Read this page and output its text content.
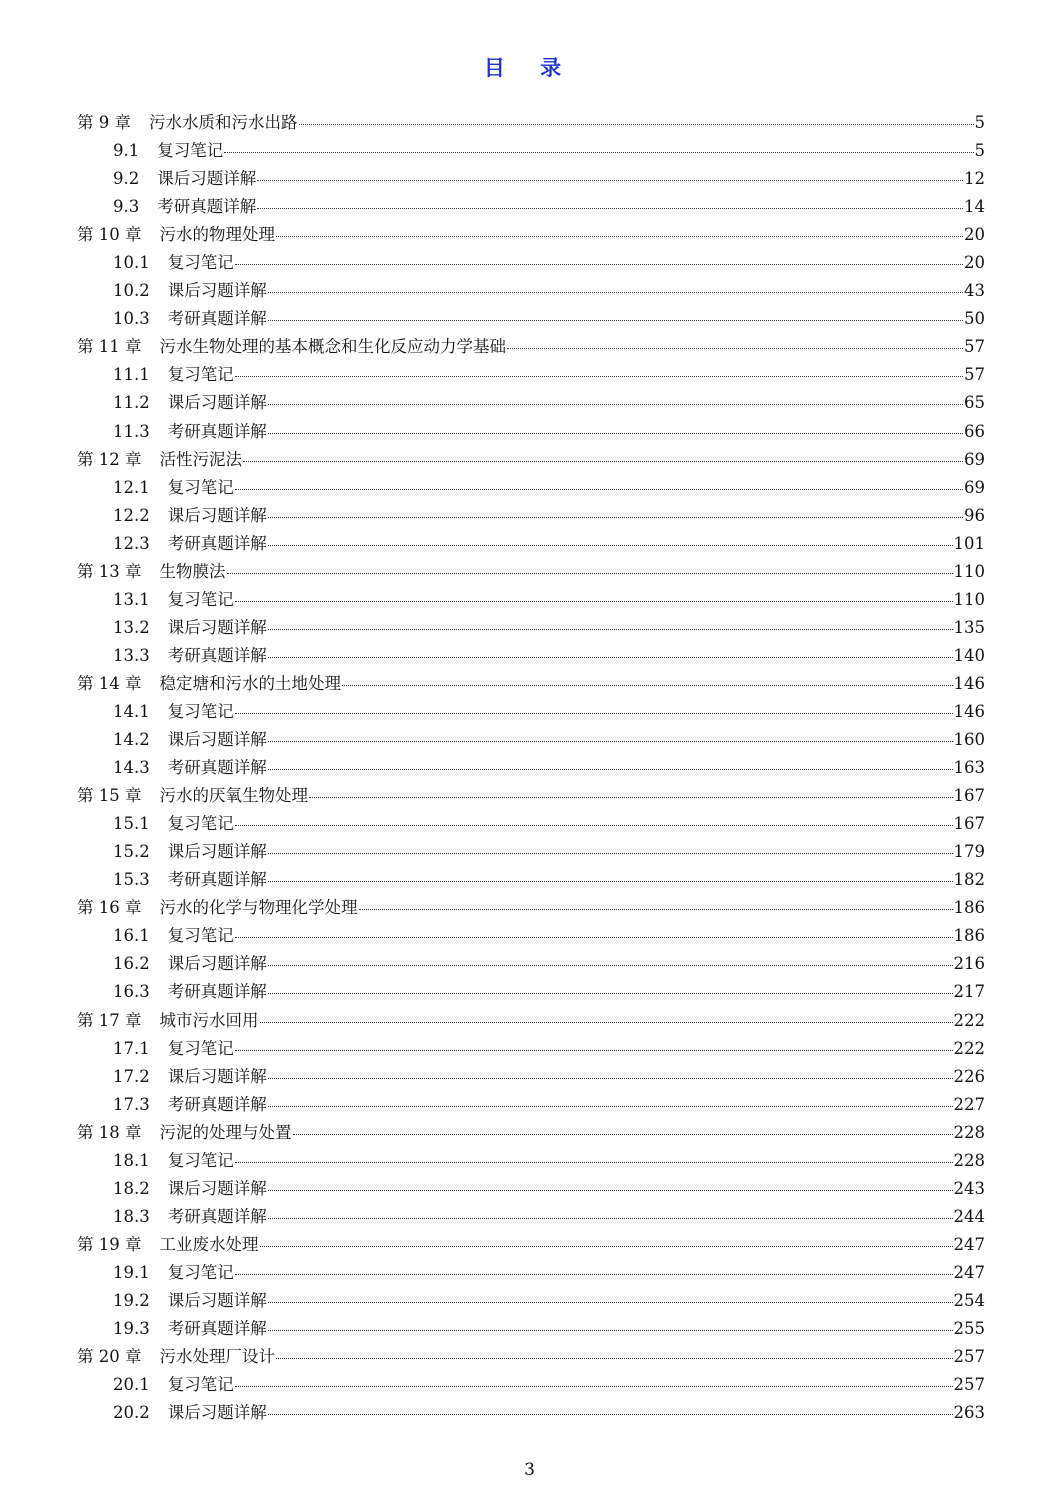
目 录
第 9 章 污水水质和污水出路	5
9.1 复习笔记	5
9.2 课后习题详解	12
9.3 考研真题详解	14
第 10 章 污水的物理处理	20
10.1 复习笔记	20
10.2 课后习题详解	43
10.3 考研真题详解	50
第 11 章 污水生物处理的基本概念和生化反应动力学基础	57
11.1 复习笔记	57
11.2 课后习题详解	65
11.3 考研真题详解	66
第 12 章 活性污泥法	69
12.1 复习笔记	69
12.2 课后习题详解	96
12.3 考研真题详解	101
第 13 章 生物膜法	110
13.1 复习笔记	110
13.2 课后习题详解	135
13.3 考研真题详解	140
第 14 章 稳定塘和污水的土地处理	146
14.1 复习笔记	146
14.2 课后习题详解	160
14.3 考研真题详解	163
第 15 章 污水的厌氧生物处理	167
15.1 复习笔记	167
15.2 课后习题详解	179
15.3 考研真题详解	182
第 16 章 污水的化学与物理化学处理	186
16.1 复习笔记	186
16.2 课后习题详解	216
16.3 考研真题详解	217
第 17 章 城市污水回用	222
17.1 复习笔记	222
17.2 课后习题详解	226
17.3 考研真题详解	227
第 18 章 污泥的处理与处置	228
18.1 复习笔记	228
18.2 课后习题详解	243
18.3 考研真题详解	244
第 19 章 工业废水处理	247
19.1 复习笔记	247
19.2 课后习题详解	254
19.3 考研真题详解	255
第 20 章 污水处理厂设计	257
20.1 复习笔记	257
20.2 课后习题详解	263
3
